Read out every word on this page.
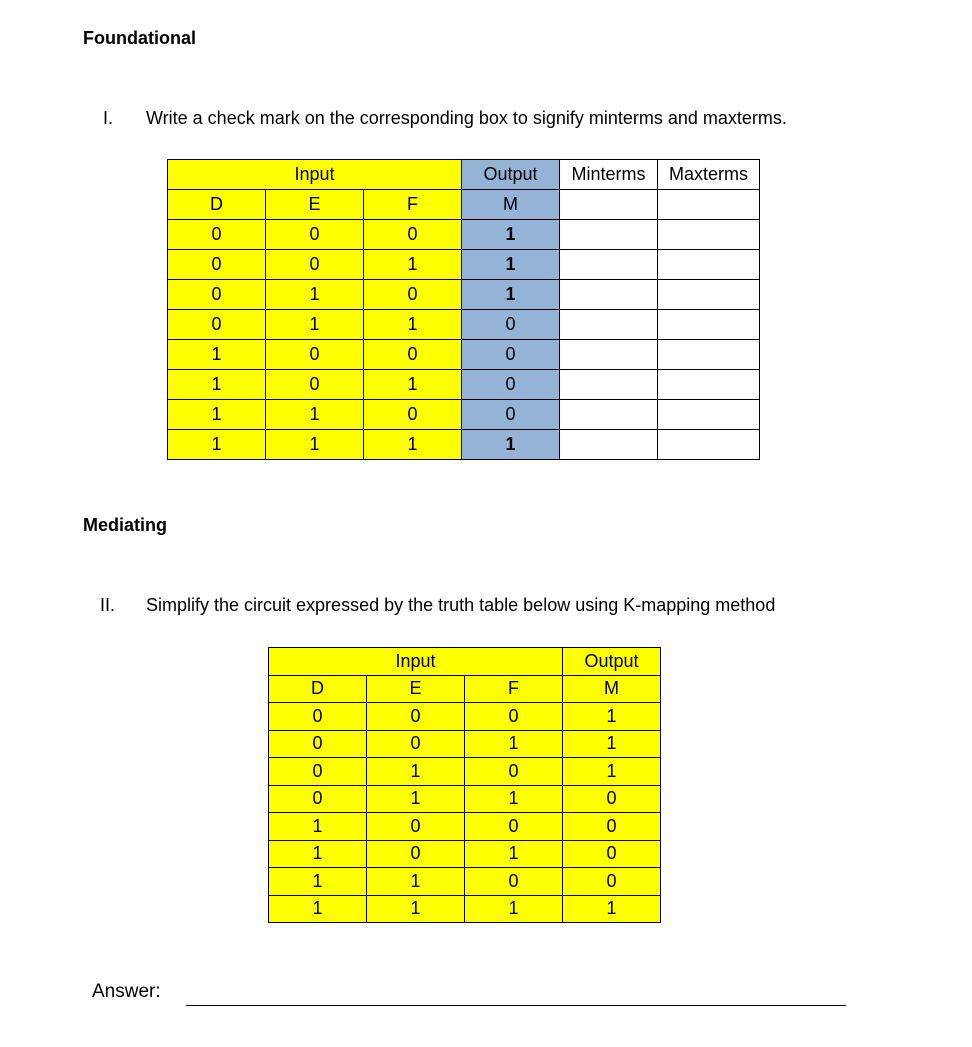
Foundational
I. Write a check mark on the corresponding box to signify minterms and maxterms.
Input			Output	Minterms	Maxterms
D	E	F	M		
0	0	0	1		
0	0	1	1		
0	1	0	1		
0	1	1	0		
1	0	0	0		
1	0	1	0		
1	1	0	0		
1	1	1	1		
Mediating
II. Simplify the circuit expressed by the truth table below using K-mapping method
Input			Output
D	E	F	M
0	0	0	1
0	0	1	1
0	1	0	1
0	1	1	0
1	0	0	0
1	0	1	0
1	1	0	0
1	1	1	1
Answer:
